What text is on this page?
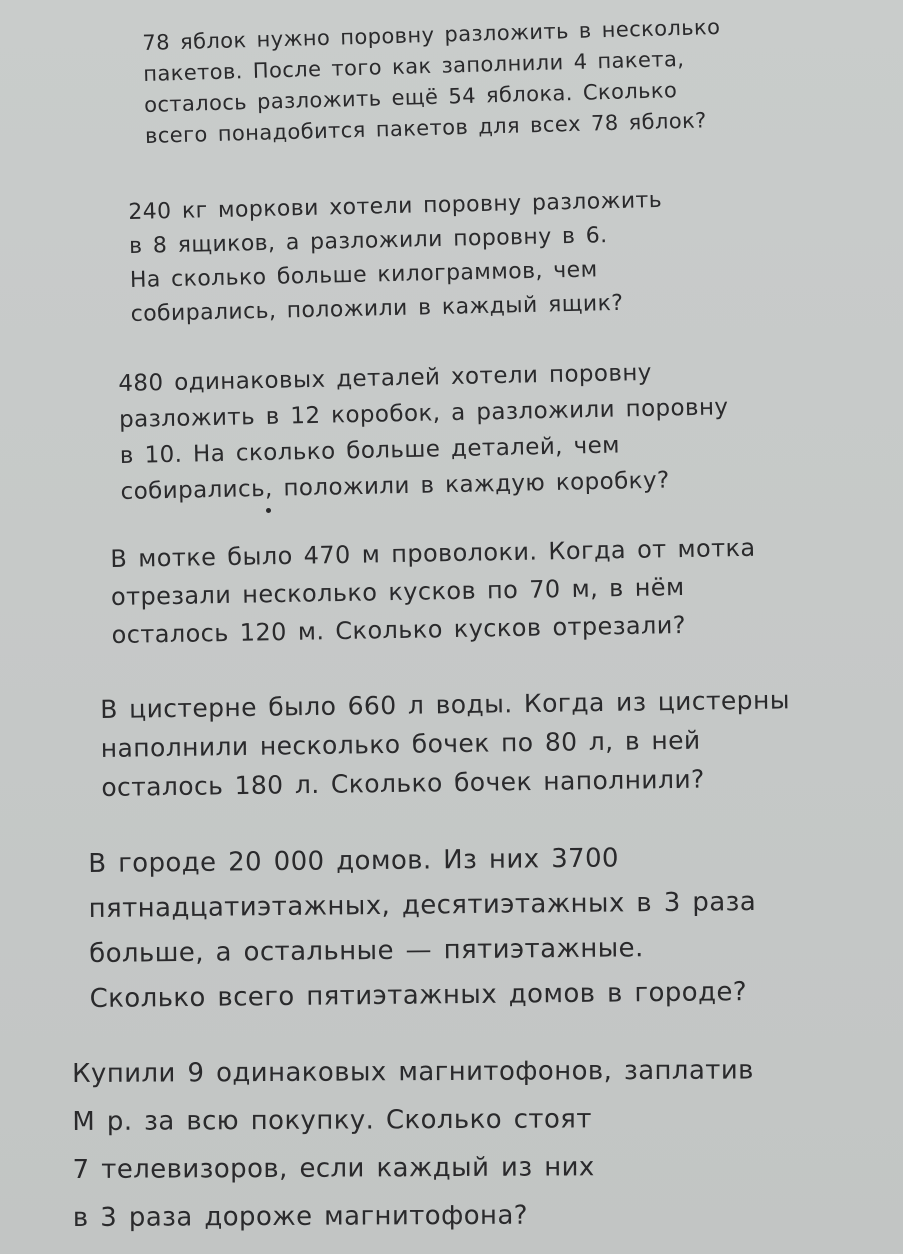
78 яблок нужно поровну разложить в несколько
пакетов. После того как заполнили 4 пакета,
осталось разложить ещё 54 яблока. Сколько
всего понадобится пакетов для всех 78 яблок?

240 кг моркови хотели поровну разложить
в 8 ящиков, а разложили поровну в 6.
На сколько больше килограммов, чем
собирались, положили в каждый ящик?

480 одинаковых деталей хотели поровну
разложить в 12 коробок, а разложили поровну
в 10. На сколько больше деталей, чем
собирались, положили в каждую коробку?

В мотке было 470 м проволоки. Когда от мотка
отрезали несколько кусков по 70 м, в нём
осталось 120 м. Сколько кусков отрезали?

В цистерне было 660 л воды. Когда из цистерны
наполнили несколько бочек по 80 л, в ней
осталось 180 л. Сколько бочек наполнили?

В городе 20 000 домов. Из них 3700
пятнадцатиэтажных, десятиэтажных в 3 раза
больше, а остальные — пятиэтажные.
Сколько всего пятиэтажных домов в городе?

Купили 9 одинаковых магнитофонов, заплатив
М р. за всю покупку. Сколько стоят
7 телевизоров, если каждый из них
в 3 раза дороже магнитофона?
